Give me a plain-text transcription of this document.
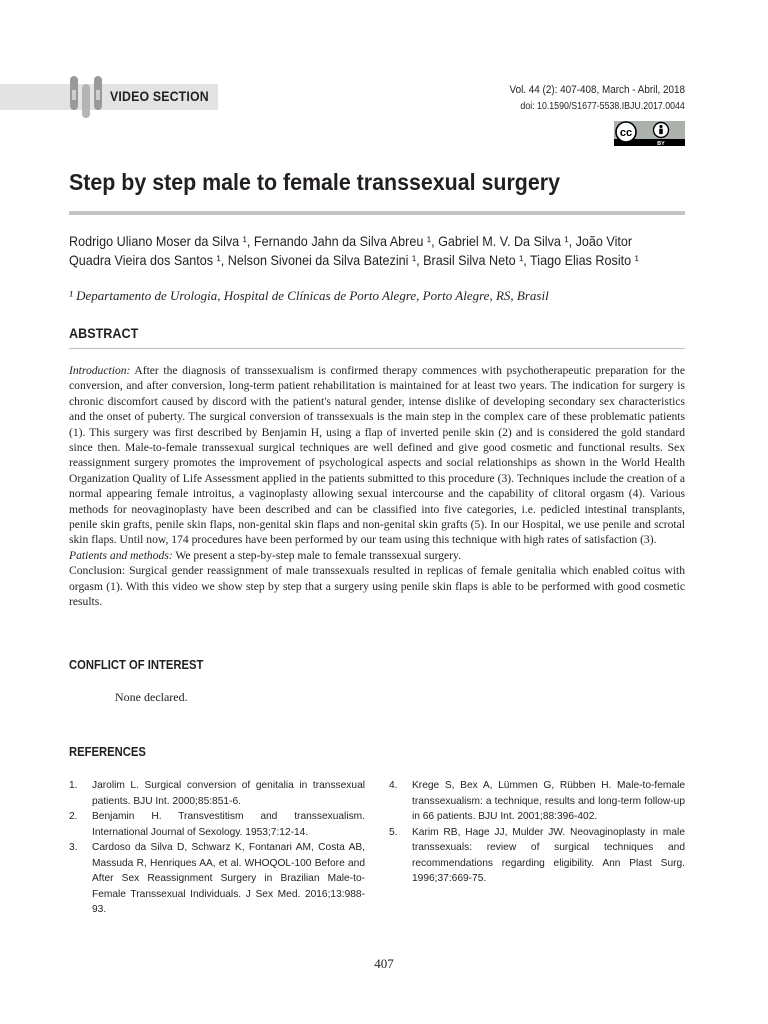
VIDEO SECTION	Vol. 44 (2): 407-408, March - Abril, 2018
doi: 10.1590/S1677-5538.IBJU.2017.0044
cc
BY
Step by step male to female transsexual surgery
Rodrigo Uliano Moser da Silva ¹, Fernando Jahn da Silva Abreu ¹, Gabriel M. V. Da Silva ¹, João Vitor
Quadra Vieira dos Santos ¹, Nelson Sivonei da Silva Batezini ¹, Brasil Silva Neto ¹, Tiago Elias Rosito ¹
¹ Departamento de Urologia, Hospital de Clínicas de Porto Alegre, Porto Alegre, RS, Brasil
ABSTRACT

Introduction: After the diagnosis of transsexualism is confirmed therapy commences with psychotherapeutic preparation for the conversion, and after conversion, long-term patient rehabilitation is maintained for at least two years. The indication for surgery is chronic discomfort caused by discord with the patient's natural gender, intense dislike of developing secondary sex characteristics and the onset of puberty. The surgical conversion of transsexuals is the main step in the complex care of these problematic patients (1). This surgery was first described by Benjamin H, using a flap of inverted penile skin (2) and is considered the gold standard since then. Male-to-female transsexual surgical techniques are well defined and give good cosmetic and functional results. Sex reassignment surgery promotes the improvement of psychological aspects and social relationships as shown in the World Health Organization Quality of Life Assessment applied in the patients submitted to this procedure (3). Techniques include the creation of a normal appearing female introitus, a vaginoplasty allowing sexual intercourse and the capability of clitoral orgasm (4). Various methods for neovaginoplasty have been described and can be classified into five categories, i.e. pedicled intestinal transplants, penile skin grafts, penile skin flaps, non-genital skin flaps and non-genital skin grafts (5). In our Hospital, we use penile and scrotal skin flaps. Until now, 174 procedures have been performed by our team using this technique with high rates of satisfaction (3).

Patients and methods: We present a step-by-step male to female transsexual surgery.

Conclusion: Surgical gender reassignment of male transsexuals resulted in replicas of female genitalia which enabled coitus with orgasm (1). With this video we show step by step that a surgery using penile skin flaps is able to be performed with good cosmetic results.

CONFLICT OF INTEREST
None declared.
REFERENCES
1.	Jarolim L. Surgical conversion of genitalia in transsexual patients. BJU Int. 2000;85:851-6.
2.	Benjamin H. Transvestitism and transsexualism. International Journal of Sexology. 1953;7:12-14.
3.	Cardoso da Silva D, Schwarz K, Fontanari AM, Costa AB, Massuda R, Henriques AA, et al. WHOQOL-100 Before and After Sex Reassignment Surgery in Brazilian Male-to-Female Transsexual Individuals. J Sex Med. 2016;13:988-93.
4.	Krege S, Bex A, Lümmen G, Rübben H. Male-to-female transsexualism: a technique, results and long-term follow-up in 66 patients. BJU Int. 2001;88:396-402.
5.	Karim RB, Hage JJ, Mulder JW. Neovaginoplasty in male transsexuals: review of surgical techniques and recommendations regarding eligibility. Ann Plast Surg. 1996;37:669-75.
407
